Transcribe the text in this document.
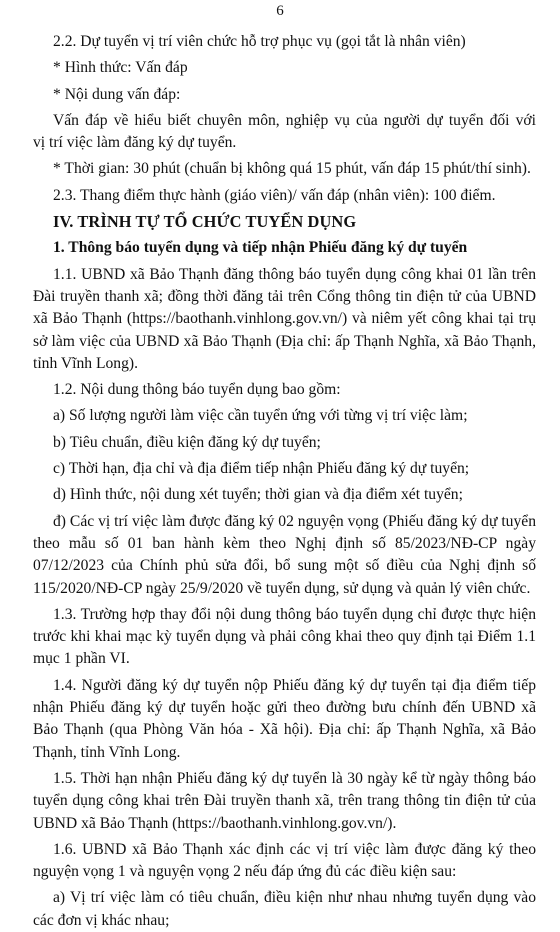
6

2.2. Dự tuyển vị trí viên chức hỗ trợ phục vụ (gọi tắt là nhân viên)

* Hình thức: Vấn đáp

* Nội dung vấn đáp:

Vấn đáp về hiểu biết chuyên môn, nghiệp vụ của người dự tuyển đối với

vị trí việc làm đăng ký dự tuyển.

* Thời gian: 30 phút (chuẩn bị không quá 15 phút, vấn đáp 15 phút/thí sinh).

2.3. Thang điểm thực hành (giáo viên)/ vấn đáp (nhân viên): 100 điểm.

IV. TRÌNH TỰ TỔ CHỨC TUYỂN DỤNG

1. Thông báo tuyển dụng và tiếp nhận Phiếu đăng ký dự tuyển

1.1. UBND xã Bảo Thạnh đăng thông báo tuyển dụng công khai 01 lần trên Đài truyền thanh xã; đồng thời đăng tải trên Cổng thông tin điện tử của UBND xã Bảo Thạnh (https://baothanh.vinhlong.gov.vn/) và niêm yết công khai tại trụ sở làm việc của UBND xã Bảo Thạnh (Địa chỉ: ấp Thạnh Nghĩa, xã Bảo Thạnh, tỉnh Vĩnh Long).

1.2. Nội dung thông báo tuyển dụng bao gồm:

a) Số lượng người làm việc cần tuyển ứng với từng vị trí việc làm;

b) Tiêu chuẩn, điều kiện đăng ký dự tuyển;

c) Thời hạn, địa chỉ và địa điểm tiếp nhận Phiếu đăng ký dự tuyển;

d) Hình thức, nội dung xét tuyển; thời gian và địa điểm xét tuyển;

đ) Các vị trí việc làm được đăng ký 02 nguyện vọng (Phiếu đăng ký dự tuyển theo mẫu số 01 ban hành kèm theo Nghị định số 85/2023/NĐ-CP ngày 07/12/2023 của Chính phủ sửa đổi, bổ sung một số điều của Nghị định số 115/2020/NĐ-CP ngày 25/9/2020 về tuyển dụng, sử dụng và quản lý viên chức.

1.3. Trường hợp thay đổi nội dung thông báo tuyển dụng chỉ được thực hiện trước khi khai mạc kỳ tuyển dụng và phải công khai theo quy định tại Điểm 1.1 mục 1 phần VI.

1.4. Người đăng ký dự tuyển nộp Phiếu đăng ký dự tuyển tại địa điểm tiếp nhận Phiếu đăng ký dự tuyển hoặc gửi theo đường bưu chính đến UBND xã Bảo Thạnh (qua Phòng Văn hóa - Xã hội). Địa chỉ: ấp Thạnh Nghĩa, xã Bảo Thạnh, tỉnh Vĩnh Long.

1.5. Thời hạn nhận Phiếu đăng ký dự tuyển là 30 ngày kể từ ngày thông báo tuyển dụng công khai trên Đài truyền thanh xã, trên trang thông tin điện tử của UBND xã Bảo Thạnh (https://baothanh.vinhlong.gov.vn/).

1.6. UBND xã Bảo Thạnh xác định các vị trí việc làm được đăng ký theo nguyện vọng 1 và nguyện vọng 2 nếu đáp ứng đủ các điều kiện sau:

a) Vị trí việc làm có tiêu chuẩn, điều kiện như nhau nhưng tuyển dụng vào các đơn vị khác nhau;
